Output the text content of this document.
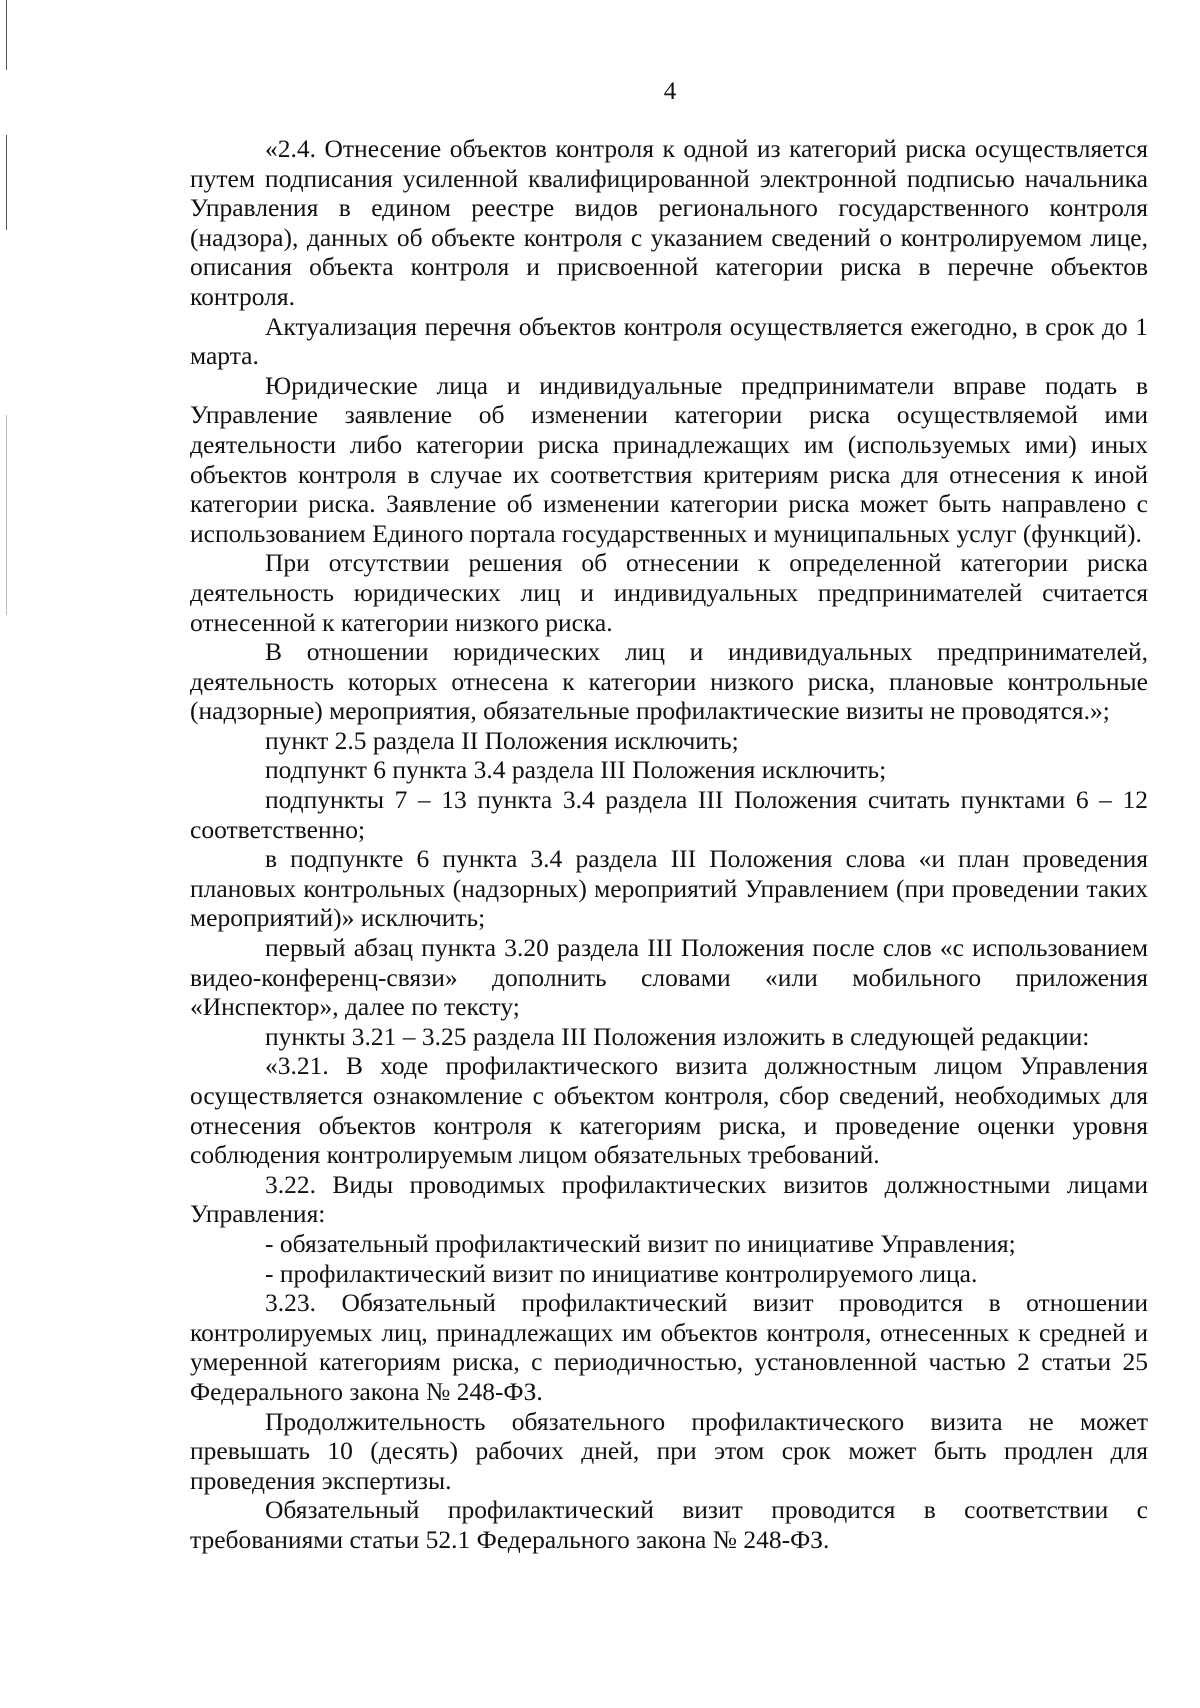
4

«2.4. Отнесение объектов контроля к одной из категорий риска осуществляется путем подписания усиленной квалифицированной электронной подписью начальника Управления в едином реестре видов регионального государственного контроля (надзора), данных об объекте контроля с указанием сведений о контролируемом лице, описания объекта контроля и присвоенной категории риска в перечне объектов контроля.

Актуализация перечня объектов контроля осуществляется ежегодно, в срок до 1 марта.

Юридические лица и индивидуальные предприниматели вправе подать в Управление заявление об изменении категории риска осуществляемой ими деятельности либо категории риска принадлежащих им (используемых ими) иных объектов контроля в случае их соответствия критериям риска для отнесения к иной категории риска. Заявление об изменении категории риска может быть направлено с использованием Единого портала государственных и муниципальных услуг (функций).

При отсутствии решения об отнесении к определенной категории риска деятельность юридических лиц и индивидуальных предпринимателей считается отнесенной к категории низкого риска.

В отношении юридических лиц и индивидуальных предпринимателей, деятельность которых отнесена к категории низкого риска, плановые контрольные (надзорные) мероприятия, обязательные профилактические визиты не проводятся.»;

пункт 2.5 раздела II Положения исключить;

подпункт 6 пункта 3.4 раздела III Положения исключить;

подпункты 7 – 13 пункта 3.4 раздела III Положения считать пунктами 6 – 12 соответственно;

в подпункте 6 пункта 3.4 раздела III Положения слова «и план проведения плановых контрольных (надзорных) мероприятий Управлением (при проведении таких мероприятий)» исключить;

первый абзац пункта 3.20 раздела III Положения после слов «с использованием видео-конференц-связи» дополнить словами «или мобильного приложения «Инспектор», далее по тексту;

пункты 3.21 – 3.25 раздела III Положения изложить в следующей редакции:

«3.21. В ходе профилактического визита должностным лицом Управления осуществляется ознакомление с объектом контроля, сбор сведений, необходимых для отнесения объектов контроля к категориям риска, и проведение оценки уровня соблюдения контролируемым лицом обязательных требований.

3.22. Виды проводимых профилактических визитов должностными лицами Управления:

- обязательный профилактический визит по инициативе Управления;

- профилактический визит по инициативе контролируемого лица.

3.23. Обязательный профилактический визит проводится в отношении контролируемых лиц, принадлежащих им объектов контроля, отнесенных к средней и умеренной категориям риска, с периодичностью, установленной частью 2 статьи 25 Федерального закона № 248-ФЗ.

Продолжительность обязательного профилактического визита не может превышать 10 (десять) рабочих дней, при этом срок может быть продлен для проведения экспертизы.

Обязательный профилактический визит проводится в соответствии с требованиями статьи 52.1 Федерального закона № 248-ФЗ.
